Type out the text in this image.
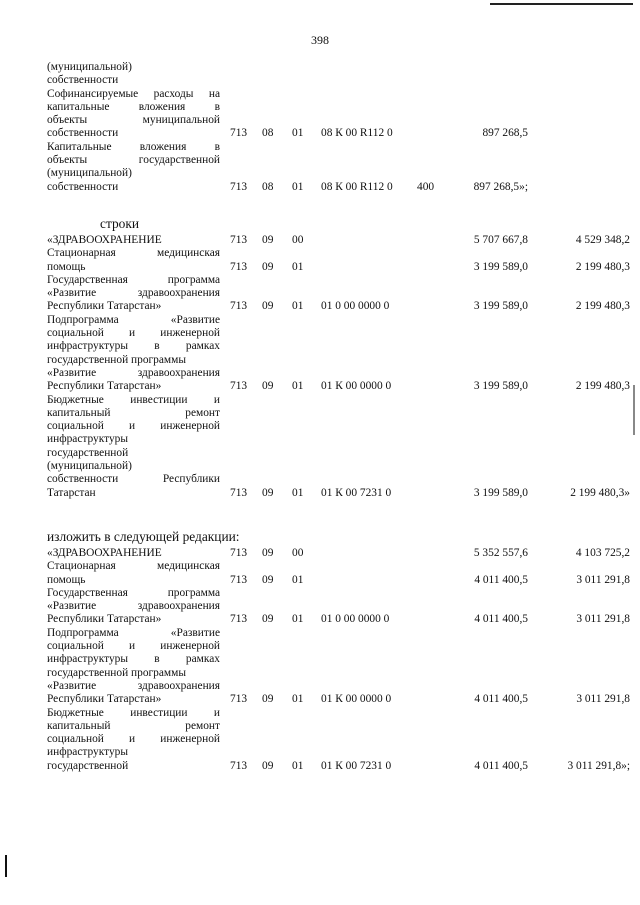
398
(муниципальной)
собственности
Софинансируемые расходы на
капитальные вложения в
объекты муниципальной
собственности	713 08 01 08 К 00 R112 0	897 268,5
Капитальные вложения в
объекты государственной
(муниципальной)
собственности	713 08 01 08 К 00 R112 0 400	897 268,5»;
строки
«ЗДРАВООХРАНЕНИЕ	713 09 00	5 707 667,8	4 529 348,2
Стационарная медицинская
помощь	713 09 01	3 199 589,0	2 199 480,3
Государственная программа
«Развитие здравоохранения
Республики Татарстан»	713 09 01 01 0 00 0000 0	3 199 589,0	2 199 480,3
Подпрограмма «Развитие
социальной и инженерной
инфраструктуры в рамках
государственной программы
«Развитие здравоохранения
Республики Татарстан»	713 09 01 01 К 00 0000 0	3 199 589,0	2 199 480,3
Бюджетные инвестиции и
капитальный ремонт
социальной и инженерной
инфраструктуры
государственной
(муниципальной)
собственности Республики
Татарстан	713 09 01 01 К 00 7231 0	3 199 589,0	2 199 480,3»
изложить в следующей редакции:
«ЗДРАВООХРАНЕНИЕ	713 09 00	5 352 557,6	4 103 725,2
Стационарная медицинская
помощь	713 09 01	4 011 400,5	3 011 291,8
Государственная программа
«Развитие здравоохранения
Республики Татарстан»	713 09 01 01 0 00 0000 0	4 011 400,5	3 011 291,8
Подпрограмма «Развитие
социальной и инженерной
инфраструктуры в рамках
государственной программы
«Развитие здравоохранения
Республики Татарстан»	713 09 01 01 К 00 0000 0	4 011 400,5	3 011 291,8
Бюджетные инвестиции и
капитальный ремонт
социальной и инженерной
инфраструктуры
государственной	713 09 01 01 К 00 7231 0	4 011 400,5	3 011 291,8»;
